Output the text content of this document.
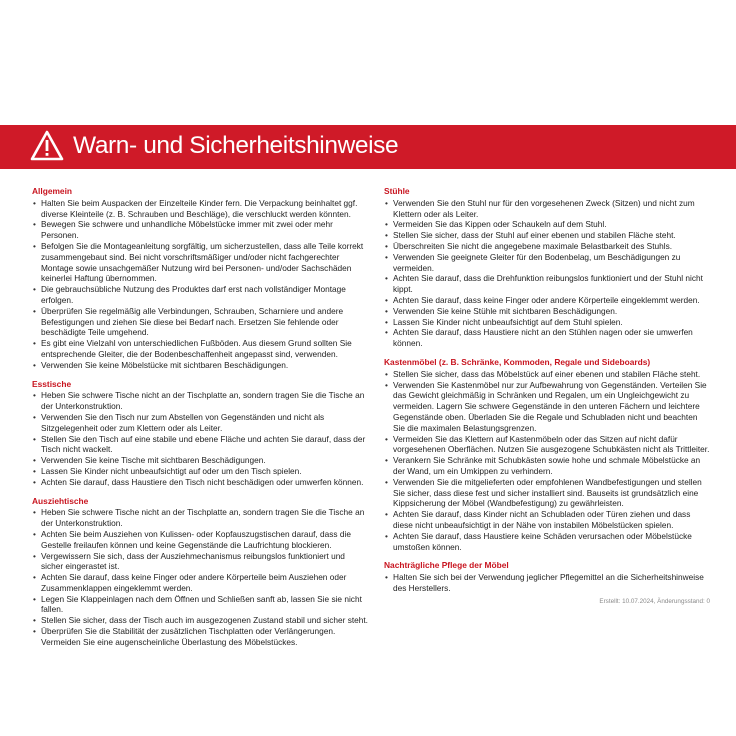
Warn- und Sicherheitshinweise
Allgemein
• Halten Sie beim Auspacken der Einzelteile Kinder fern. Die Verpackung beinhaltet ggf. diverse Kleinteile (z. B. Schrauben und Beschläge), die verschluckt werden könnten.
• Bewegen Sie schwere und unhandliche Möbelstücke immer mit zwei oder mehr Personen.
• Befolgen Sie die Montageanleitung sorgfältig, um sicherzustellen, dass alle Teile korrekt zusammengebaut sind. Bei nicht vorschriftsmäßiger und/oder nicht fachgerechter Montage sowie unsachgemäßer Nutzung wird bei Personen- und/oder Sachschäden keinerlei Haftung übernommen.
• Die gebrauchsübliche Nutzung des Produktes darf erst nach vollständiger Montage erfolgen.
• Überprüfen Sie regelmäßig alle Verbindungen, Schrauben, Scharniere und andere Befestigungen und ziehen Sie diese bei Bedarf nach. Ersetzen Sie fehlende oder beschädigte Teile umgehend.
• Es gibt eine Vielzahl von unterschiedlichen Fußböden. Aus diesem Grund sollten Sie entsprechende Gleiter, die der Bodenbeschaffenheit angepasst sind, verwenden.
• Verwenden Sie keine Möbelstücke mit sichtbaren Beschädigungen.
Esstische
• Heben Sie schwere Tische nicht an der Tischplatte an, sondern tragen Sie die Tische an der Unterkonstruktion.
• Verwenden Sie den Tisch nur zum Abstellen von Gegenständen und nicht als Sitzgelegenheit oder zum Klettern oder als Leiter.
• Stellen Sie den Tisch auf eine stabile und ebene Fläche und achten Sie darauf, dass der Tisch nicht wackelt.
• Verwenden Sie keine Tische mit sichtbaren Beschädigungen.
• Lassen Sie Kinder nicht unbeaufsichtigt auf oder um den Tisch spielen.
• Achten Sie darauf, dass Haustiere den Tisch nicht beschädigen oder umwerfen können.
Ausziehtische
• Heben Sie schwere Tische nicht an der Tischplatte an, sondern tragen Sie die Tische an der Unterkonstruktion.
• Achten Sie beim Ausziehen von Kulissen- oder Kopfauszugstischen darauf, dass die Gestelle freilaufen können und keine Gegenstände die Laufrichtung blockieren.
• Vergewissern Sie sich, dass der Ausziehmechanismus reibungslos funktioniert und sicher eingerastet ist.
• Achten Sie darauf, dass keine Finger oder andere Körperteile beim Ausziehen oder Zusammenklappen eingeklemmt werden.
• Legen Sie Klappeinlagen nach dem Öffnen und Schließen sanft ab, lassen Sie sie nicht fallen.
• Stellen Sie sicher, dass der Tisch auch im ausgezogenen Zustand stabil und sicher steht.
• Überprüfen Sie die Stabilität der zusätzlichen Tischplatten oder Verlängerungen. Vermeiden Sie eine augenscheinliche Überlastung des Möbelstückes.
Stühle
• Verwenden Sie den Stuhl nur für den vorgesehenen Zweck (Sitzen) und nicht zum Klettern oder als Leiter.
• Vermeiden Sie das Kippen oder Schaukeln auf dem Stuhl.
• Stellen Sie sicher, dass der Stuhl auf einer ebenen und stabilen Fläche steht.
• Überschreiten Sie nicht die angegebene maximale Belastbarkeit des Stuhls.
• Verwenden Sie geeignete Gleiter für den Bodenbelag, um Beschädigungen zu vermeiden.
• Achten Sie darauf, dass die Drehfunktion reibungslos funktioniert und der Stuhl nicht kippt.
• Achten Sie darauf, dass keine Finger oder andere Körperteile eingeklemmt werden.
• Verwenden Sie keine Stühle mit sichtbaren Beschädigungen.
• Lassen Sie Kinder nicht unbeaufsichtigt auf dem Stuhl spielen.
• Achten Sie darauf, dass Haustiere nicht an den Stühlen nagen oder sie umwerfen können.
Kastenmöbel (z. B. Schränke, Kommoden, Regale und Sideboards)
• Stellen Sie sicher, dass das Möbelstück auf einer ebenen und stabilen Fläche steht.
• Verwenden Sie Kastenmöbel nur zur Aufbewahrung von Gegenständen. Verteilen Sie das Gewicht gleichmäßig in Schränken und Regalen, um ein Ungleichgewicht zu vermeiden. Lagern Sie schwere Gegenstände in den unteren Fächern und leichtere Gegenstände oben. Überladen Sie die Regale und Schubladen nicht und beachten Sie die maximalen Belastungsgrenzen.
• Vermeiden Sie das Klettern auf Kastenmöbeln oder das Sitzen auf nicht dafür vorgesehenen Oberflächen. Nutzen Sie ausgezogene Schubkästen nicht als Trittleiter.
• Verankern Sie Schränke mit Schubkästen sowie hohe und schmale Möbelstücke an der Wand, um ein Umkippen zu verhindern.
• Verwenden Sie die mitgelieferten oder empfohlenen Wandbefestigungen und stellen Sie sicher, dass diese fest und sicher installiert sind. Bauseits ist grundsätzlich eine Kippsicherung der Möbel (Wandbefestigung) zu gewährleisten.
• Achten Sie darauf, dass Kinder nicht an Schubladen oder Türen ziehen und dass diese nicht unbeaufsichtigt in der Nähe von instabilen Möbelstücken spielen.
• Achten Sie darauf, dass Haustiere keine Schäden verursachen oder Möbelstücke umstoßen können.
Nachträgliche Pflege der Möbel
• Halten Sie sich bei der Verwendung jeglicher Pflegemittel an die Sicherheitshinweise des Herstellers.
Erstellt: 10.07.2024, Änderungsstand: 0
